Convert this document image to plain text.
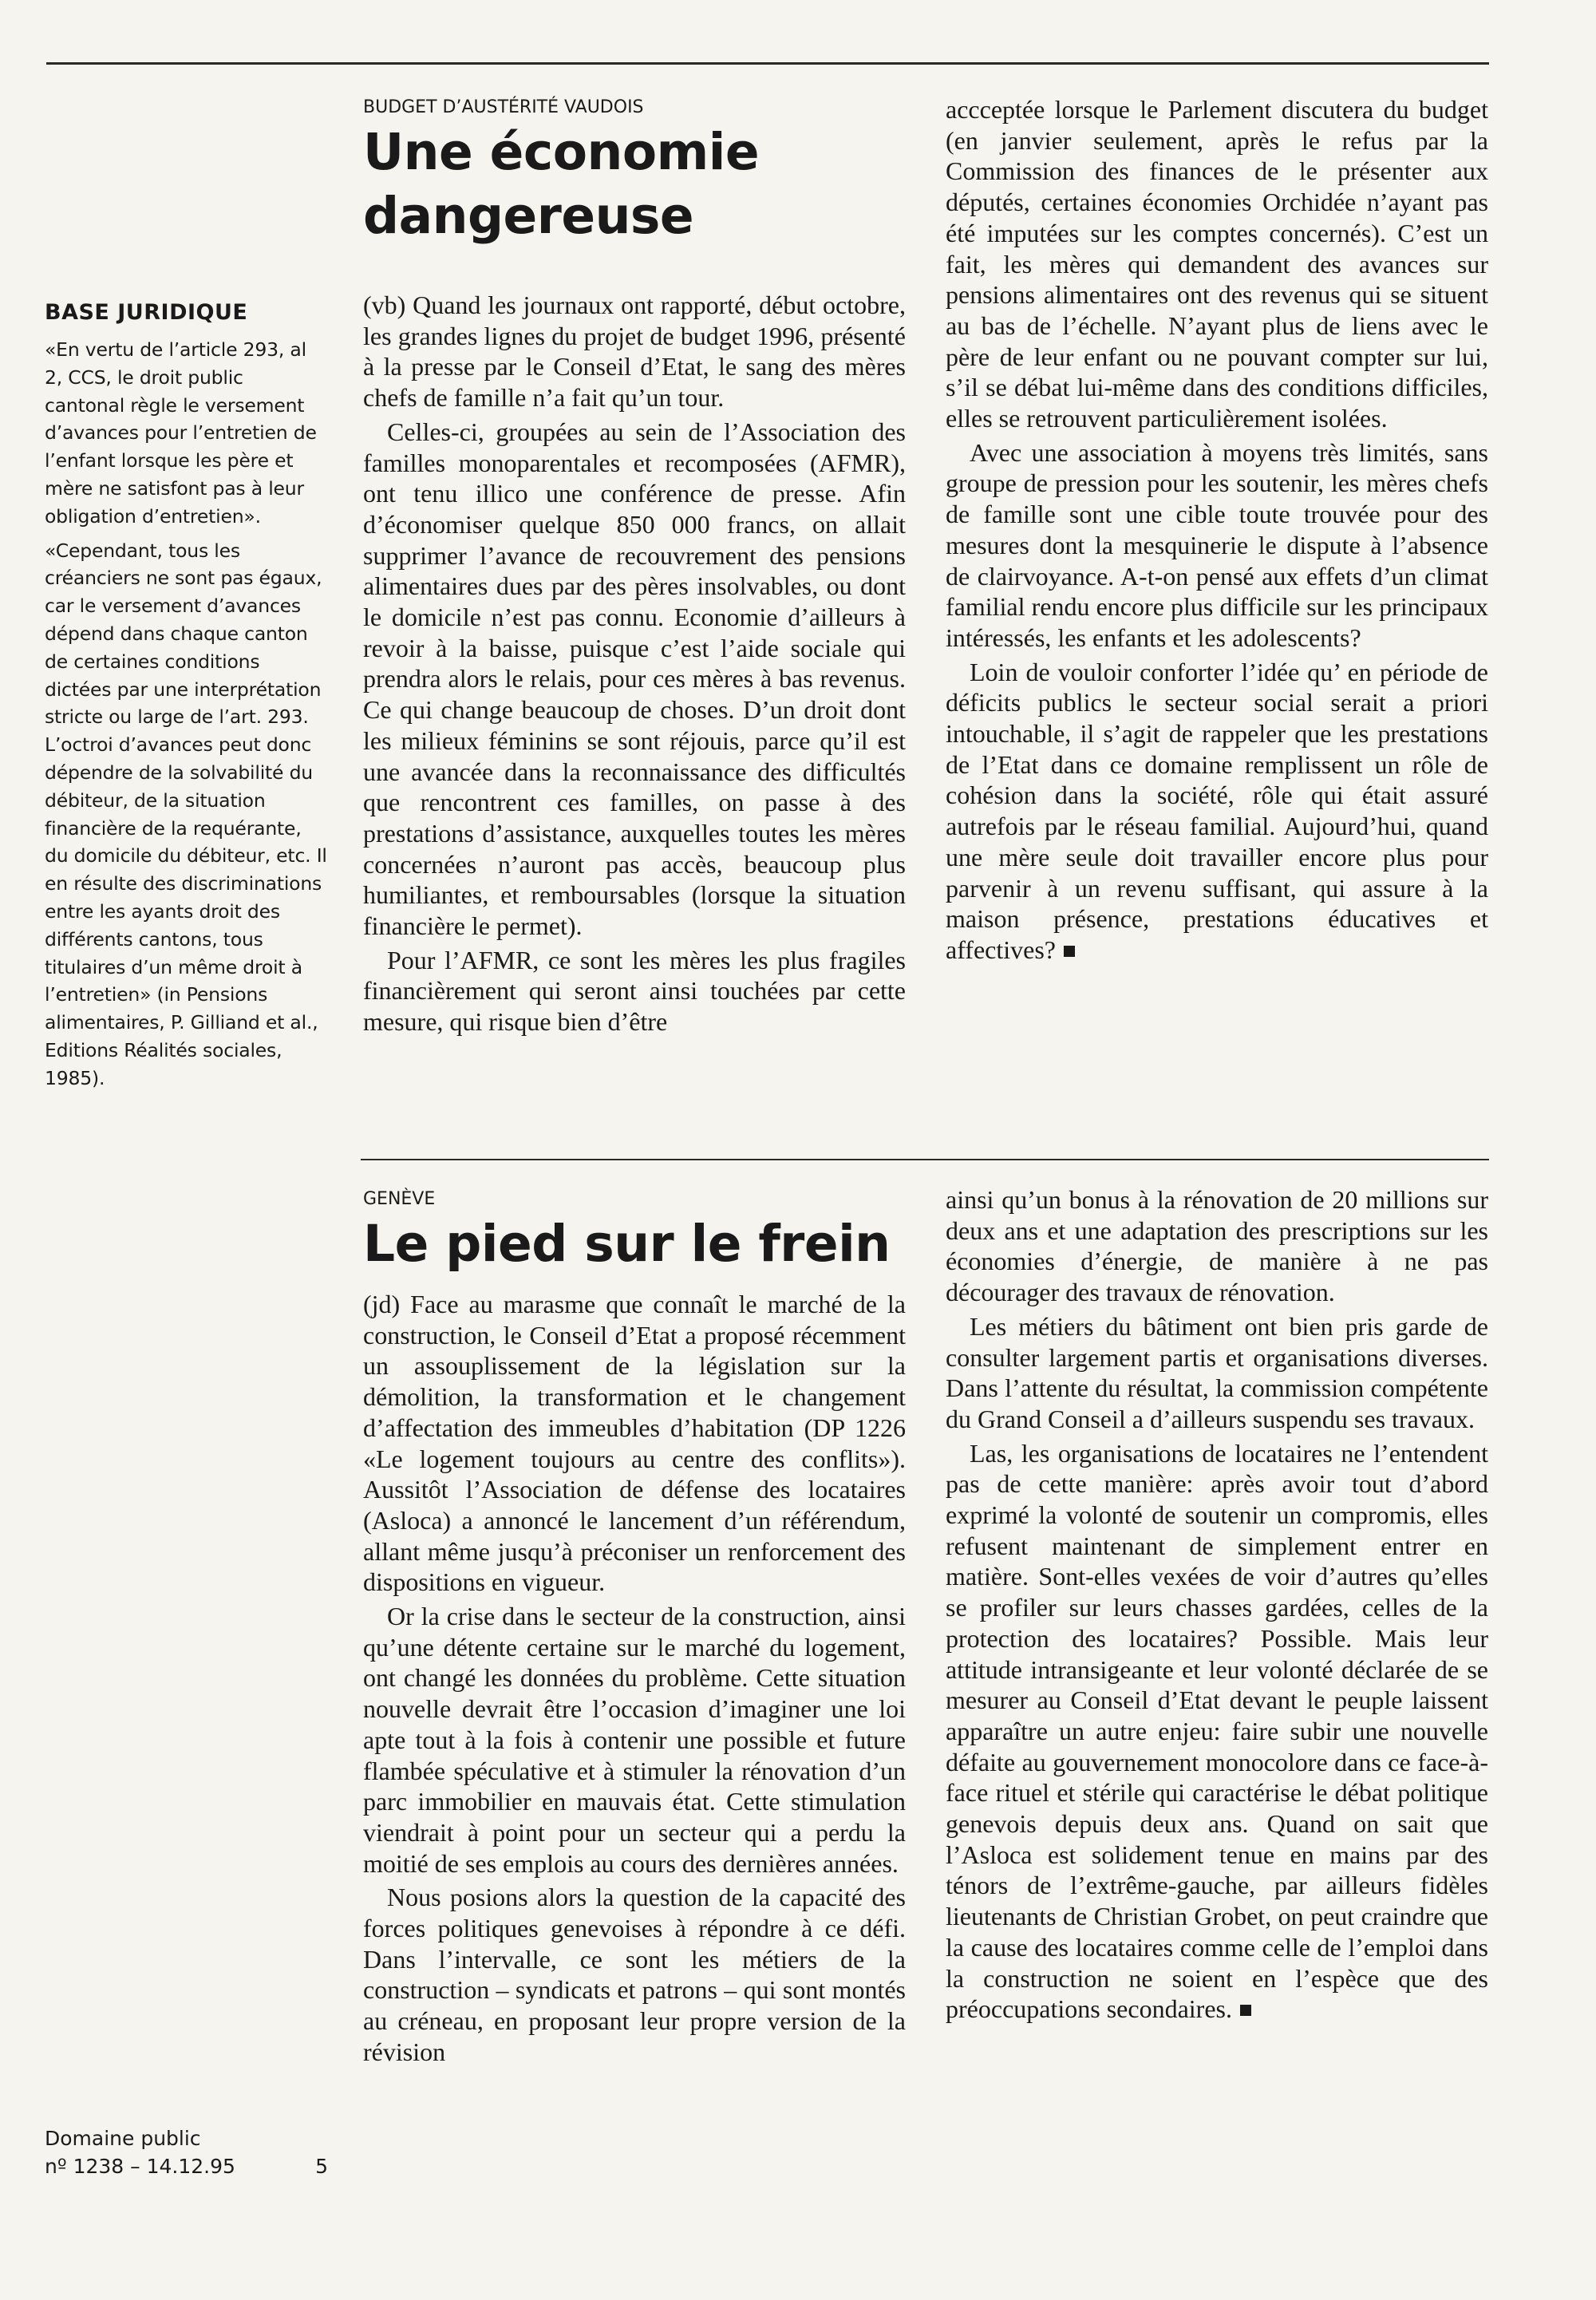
BASE JURIDIQUE

«En vertu de l’article 293, al 2, CCS, le droit public cantonal règle le versement d’avances pour l’entretien de l’enfant lorsque les père et mère ne satisfont pas à leur obligation d’entretien».

«Cependant, tous les créanciers ne sont pas égaux, car le versement d’avances dépend dans chaque canton de certaines conditions dictées par une interprétation stricte ou large de l’art. 293. L’octroi d’avances peut donc dépendre de la solvabilité du débiteur, de la situation financière de la requérante, du domicile du débiteur, etc. Il en résulte des discriminations entre les ayants droit des différents cantons, tous titulaires d’un même droit à l’entretien» (in Pensions alimentaires, P. Gilliand et al., Editions Réalités sociales, 1985).

Domaine public
nº 1238 – 14.12.95	5
BUDGET D’AUSTÉRITÉ VAUDOIS
Une économie dangereuse

(vb) Quand les journaux ont rapporté, début octobre, les grandes lignes du projet de budget 1996, présenté à la presse par le Conseil d’Etat, le sang des mères chefs de famille n’a fait qu’un tour.

Celles-ci, groupées au sein de l’Association des familles monoparentales et recomposées (AFMR), ont tenu illico une conférence de presse. Afin d’économiser quelque 850 000 francs, on allait supprimer l’avance de recouvrement des pensions alimentaires dues par des pères insolvables, ou dont le domicile n’est pas connu. Economie d’ailleurs à revoir à la baisse, puisque c’est l’aide sociale qui prendra alors le relais, pour ces mères à bas revenus. Ce qui change beaucoup de choses. D’un droit dont les milieux féminins se sont réjouis, parce qu’il est une avancée dans la reconnaissance des difficultés que rencontrent ces familles, on passe à des prestations d’assistance, auxquelles toutes les mères concernées n’auront pas accès, beaucoup plus humiliantes, et remboursables (lorsque la situation financière le permet).

Pour l’AFMR, ce sont les mères les plus fragiles financièrement qui seront ainsi touchées par cette mesure, qui risque bien d’être

accceptée lorsque le Parlement discutera du budget (en janvier seulement, après le refus par la Commission des finances de le présenter aux députés, certaines économies Orchidée n’ayant pas été imputées sur les comptes concernés). C’est un fait, les mères qui demandent des avances sur pensions alimentaires ont des revenus qui se situent au bas de l’échelle. N’ayant plus de liens avec le père de leur enfant ou ne pouvant compter sur lui, s’il se débat lui-même dans des conditions difficiles, elles se retrouvent particulièrement isolées.

Avec une association à moyens très limités, sans groupe de pression pour les soutenir, les mères chefs de famille sont une cible toute trouvée pour des mesures dont la mesquinerie le dispute à l’absence de clairvoyance. A-t-on pensé aux effets d’un climat familial rendu encore plus difficile sur les principaux intéressés, les enfants et les adolescents?

Loin de vouloir conforter l’idée qu’ en période de déficits publics le secteur social serait a priori intouchable, il s’agit de rappeler que les prestations de l’Etat dans ce domaine remplissent un rôle de cohésion dans la société, rôle qui était assuré autrefois par le réseau familial. Aujourd’hui, quand une mère seule doit travailler encore plus pour parvenir à un revenu suffisant, qui assure à la maison présence, prestations éducatives et affectives?

GENÈVE
Le pied sur le frein

(jd) Face au marasme que connaît le marché de la construction, le Conseil d’Etat a proposé récemment un assouplissement de la législation sur la démolition, la transformation et le changement d’affectation des immeubles d’habitation (DP 1226 «Le logement toujours au centre des conflits»). Aussitôt l’Association de défense des locataires (Asloca) a annoncé le lancement d’un référendum, allant même jusqu’à préconiser un renforcement des dispositions en vigueur.

Or la crise dans le secteur de la construction, ainsi qu’une détente certaine sur le marché du logement, ont changé les données du problème. Cette situation nouvelle devrait être l’occasion d’imaginer une loi apte tout à la fois à contenir une possible et future flambée spéculative et à stimuler la rénovation d’un parc immobilier en mauvais état. Cette stimulation viendrait à point pour un secteur qui a perdu la moitié de ses emplois au cours des dernières années.

Nous posions alors la question de la capacité des forces politiques genevoises à répondre à ce défi. Dans l’intervalle, ce sont les métiers de la construction – syndicats et patrons – qui sont montés au créneau, en proposant leur propre version de la révision

ainsi qu’un bonus à la rénovation de 20 millions sur deux ans et une adaptation des prescriptions sur les économies d’énergie, de manière à ne pas décourager des travaux de rénovation.

Les métiers du bâtiment ont bien pris garde de consulter largement partis et organisations diverses. Dans l’attente du résultat, la commission compétente du Grand Conseil a d’ailleurs suspendu ses travaux.

Las, les organisations de locataires ne l’entendent pas de cette manière: après avoir tout d’abord exprimé la volonté de soutenir un compromis, elles refusent maintenant de simplement entrer en matière. Sont-elles vexées de voir d’autres qu’elles se profiler sur leurs chasses gardées, celles de la protection des locataires? Possible. Mais leur attitude intransigeante et leur volonté déclarée de se mesurer au Conseil d’Etat devant le peuple laissent apparaître un autre enjeu: faire subir une nouvelle défaite au gouvernement monocolore dans ce face-à-face rituel et stérile qui caractérise le débat politique genevois depuis deux ans. Quand on sait que l’Asloca est solidement tenue en mains par des ténors de l’extrême-gauche, par ailleurs fidèles lieutenants de Christian Grobet, on peut craindre que la cause des locataires comme celle de l’emploi dans la construction ne soient en l’espèce que des préoccupations secondaires.
